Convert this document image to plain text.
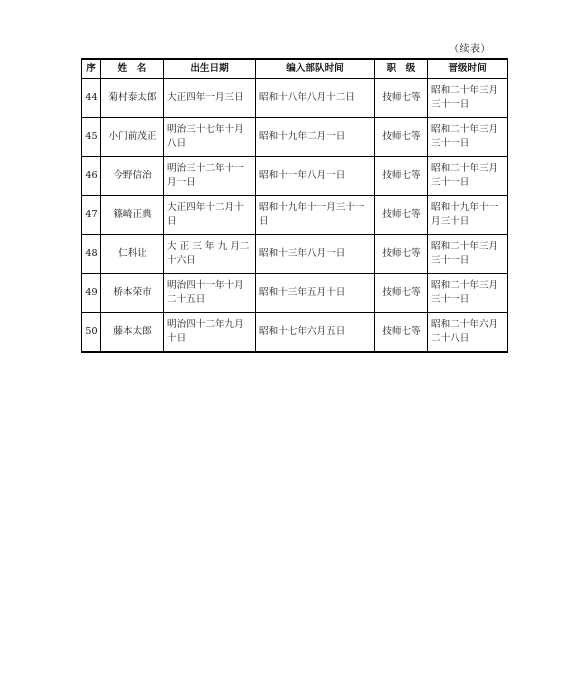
（续表）
序	姓　名	出生日期	编入部队时间	职　级	晋级时间
44	菊村泰太郎	大正四年一月三日	昭和十八年八月十二日	技师七等	昭和二十年三月三十一日
45	小门前茂正	明治三十七年十月八日	昭和十九年二月一日	技师七等	昭和二十年三月三十一日
46	今野信治	明治三十二年十一月一日	昭和十一年八月一日	技师七等	昭和二十年三月三十一日
47	篠崎正典	大正四年十二月十日	昭和十九年十一月三十一日	技师七等	昭和十九年十一月三十日
48	仁科让	大 正 三 年 九 月二十六日	昭和十三年八月一日	技师七等	昭和二十年三月三十一日
49	桥本荣市	明治四十一年十月二十五日	昭和十三年五月十日	技师七等	昭和二十年三月三十一日
50	藤本太郎	明治四十二年九月十日	昭和十七年六月五日	技师七等	昭和二十年六月二十八日
